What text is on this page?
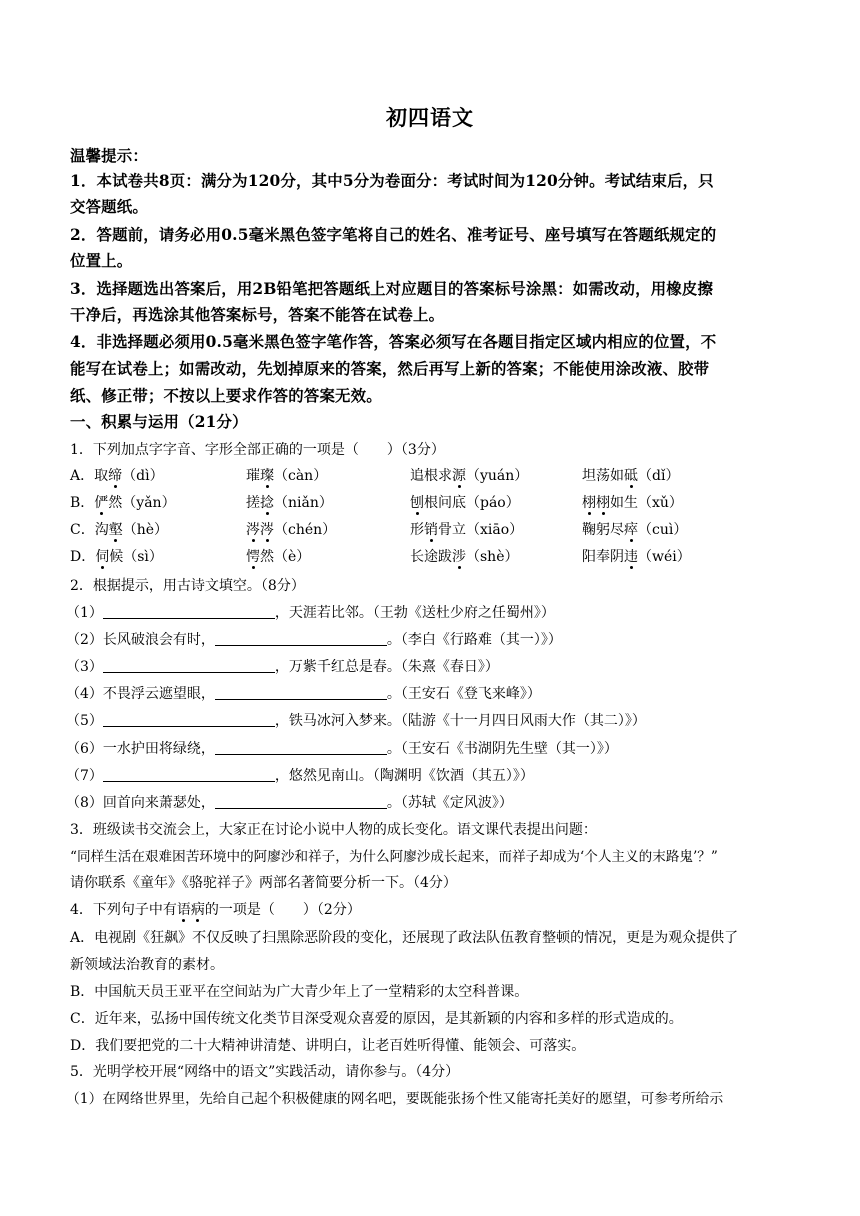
初四语文
温馨提示：
1．本试卷共8页：满分为120分，其中5分为卷面分：考试时间为120分钟。考试结束后，只
交答题纸。
2．答题前，请务必用0.5毫米黑色签字笔将自己的姓名、准考证号、座号填写在答题纸规定的
位置上。
3．选择题选出答案后，用2B铅笔把答题纸上对应题目的答案标号涂黑：如需改动，用橡皮擦
干净后，再选涂其他答案标号，答案不能答在试卷上。
4．非选择题必须用0.5毫米黑色签字笔作答，答案必须写在各题目指定区域内相应的位置，不
能写在试卷上；如需改动，先划掉原来的答案，然后再写上新的答案；不能使用涂改液、胶带
纸、修正带；不按以上要求作答的答案无效。
一、积累与运用（21分）
1．下列加点字字音、字形全部正确的一项是（　　）（3分）
A．取缔（dì）	璀璨（càn）	追根求源（yuán）	坦荡如砥（dǐ）
B．俨然（yǎn）	搓捻（niǎn）	刨根问底（páo）	栩栩如生（xǔ）
C．沟壑（hè）	涔涔（chén）	形销骨立（xiāo）	鞠躬尽瘁（cuì）
D．伺候（sì）	愕然（è）	长途跋涉（shè）	阳奉阴违（wéi）
2．根据提示，用古诗文填空。（8分）
（1）	，天涯若比邻。（王勃《送杜少府之任蜀州》）
（2）长风破浪会有时，	。（李白《行路难（其一）》）
（3）	，万紫千红总是春。（朱熹《春日》）
（4）不畏浮云遮望眼，	。（王安石《登飞来峰》）
（5）	，铁马冰河入梦来。（陆游《十一月四日风雨大作（其二）》）
（6）一水护田将绿绕，	。（王安石《书湖阴先生壁（其一）》）
（7）	，悠然见南山。（陶渊明《饮酒（其五）》）
（8）回首向来萧瑟处，	。（苏轼《定风波》）
3．班级读书交流会上，大家正在讨论小说中人物的成长变化。语文课代表提出问题：
“同样生活在艰难困苦环境中的阿廖沙和祥子，为什么阿廖沙成长起来，而祥子却成为‘个人主义的末路鬼’？”
请你联系《童年》《骆驼祥子》两部名著简要分析一下。（4分）
4．下列句子中有语病的一项是（　　）（2分）
A．电视剧《狂飙》不仅反映了扫黑除恶阶段的变化，还展现了政法队伍教育整顿的情况，更是为观众提供了
新领域法治教育的素材。
B．中国航天员王亚平在空间站为广大青少年上了一堂精彩的太空科普课。
C．近年来，弘扬中国传统文化类节目深受观众喜爱的原因，是其新颖的内容和多样的形式造成的。
D．我们要把党的二十大精神讲清楚、讲明白，让老百姓听得懂、能领会、可落实。
5．光明学校开展“网络中的语文”实践活动，请你参与。（4分）
（1）在网络世界里，先给自己起个积极健康的网名吧，要既能张扬个性又能寄托美好的愿望，可参考所给示
